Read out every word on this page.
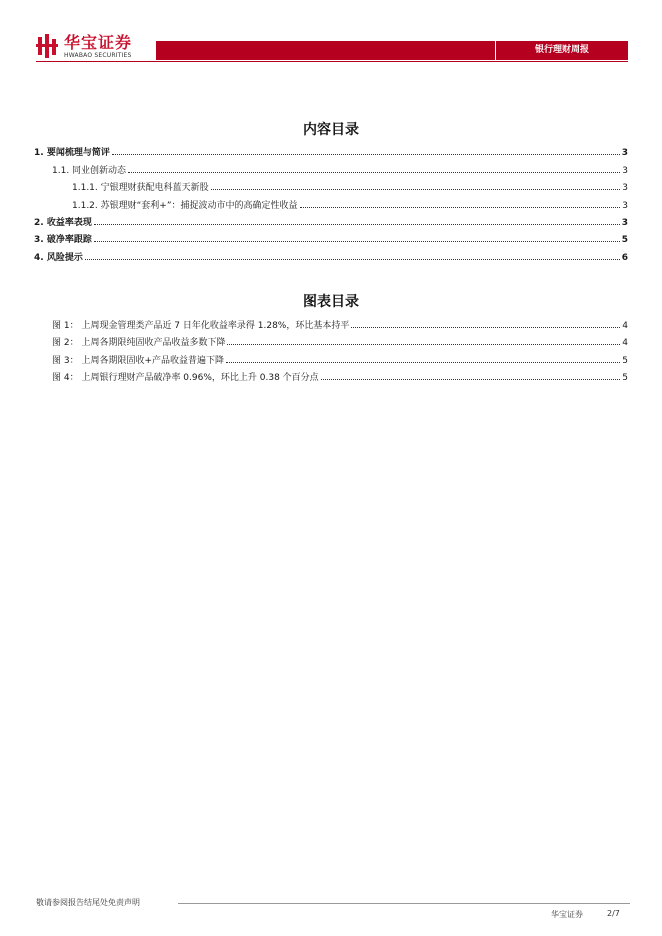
华宝证券
HWABAO SECURITIES
银行理财周报
内容目录
1. 要闻梳理与简评	3
1.1. 同业创新动态	3
1.1.1. 宁银理财获配电科蓝天新股	3
1.1.2. 苏银理财“套利+”：捕捉波动市中的高确定性收益	3
2. 收益率表现	3
3. 破净率跟踪	5
4. 风险提示	6
图表目录
图 1： 上周现金管理类产品近 7 日年化收益率录得 1.28%，环比基本持平	4
图 2： 上周各期限纯固收产品收益多数下降	4
图 3： 上周各期限固收+产品收益普遍下降	5
图 4： 上周银行理财产品破净率 0.96%，环比上升 0.38 个百分点	5
敬请参阅报告结尾处免责声明
华宝证券	2/7
